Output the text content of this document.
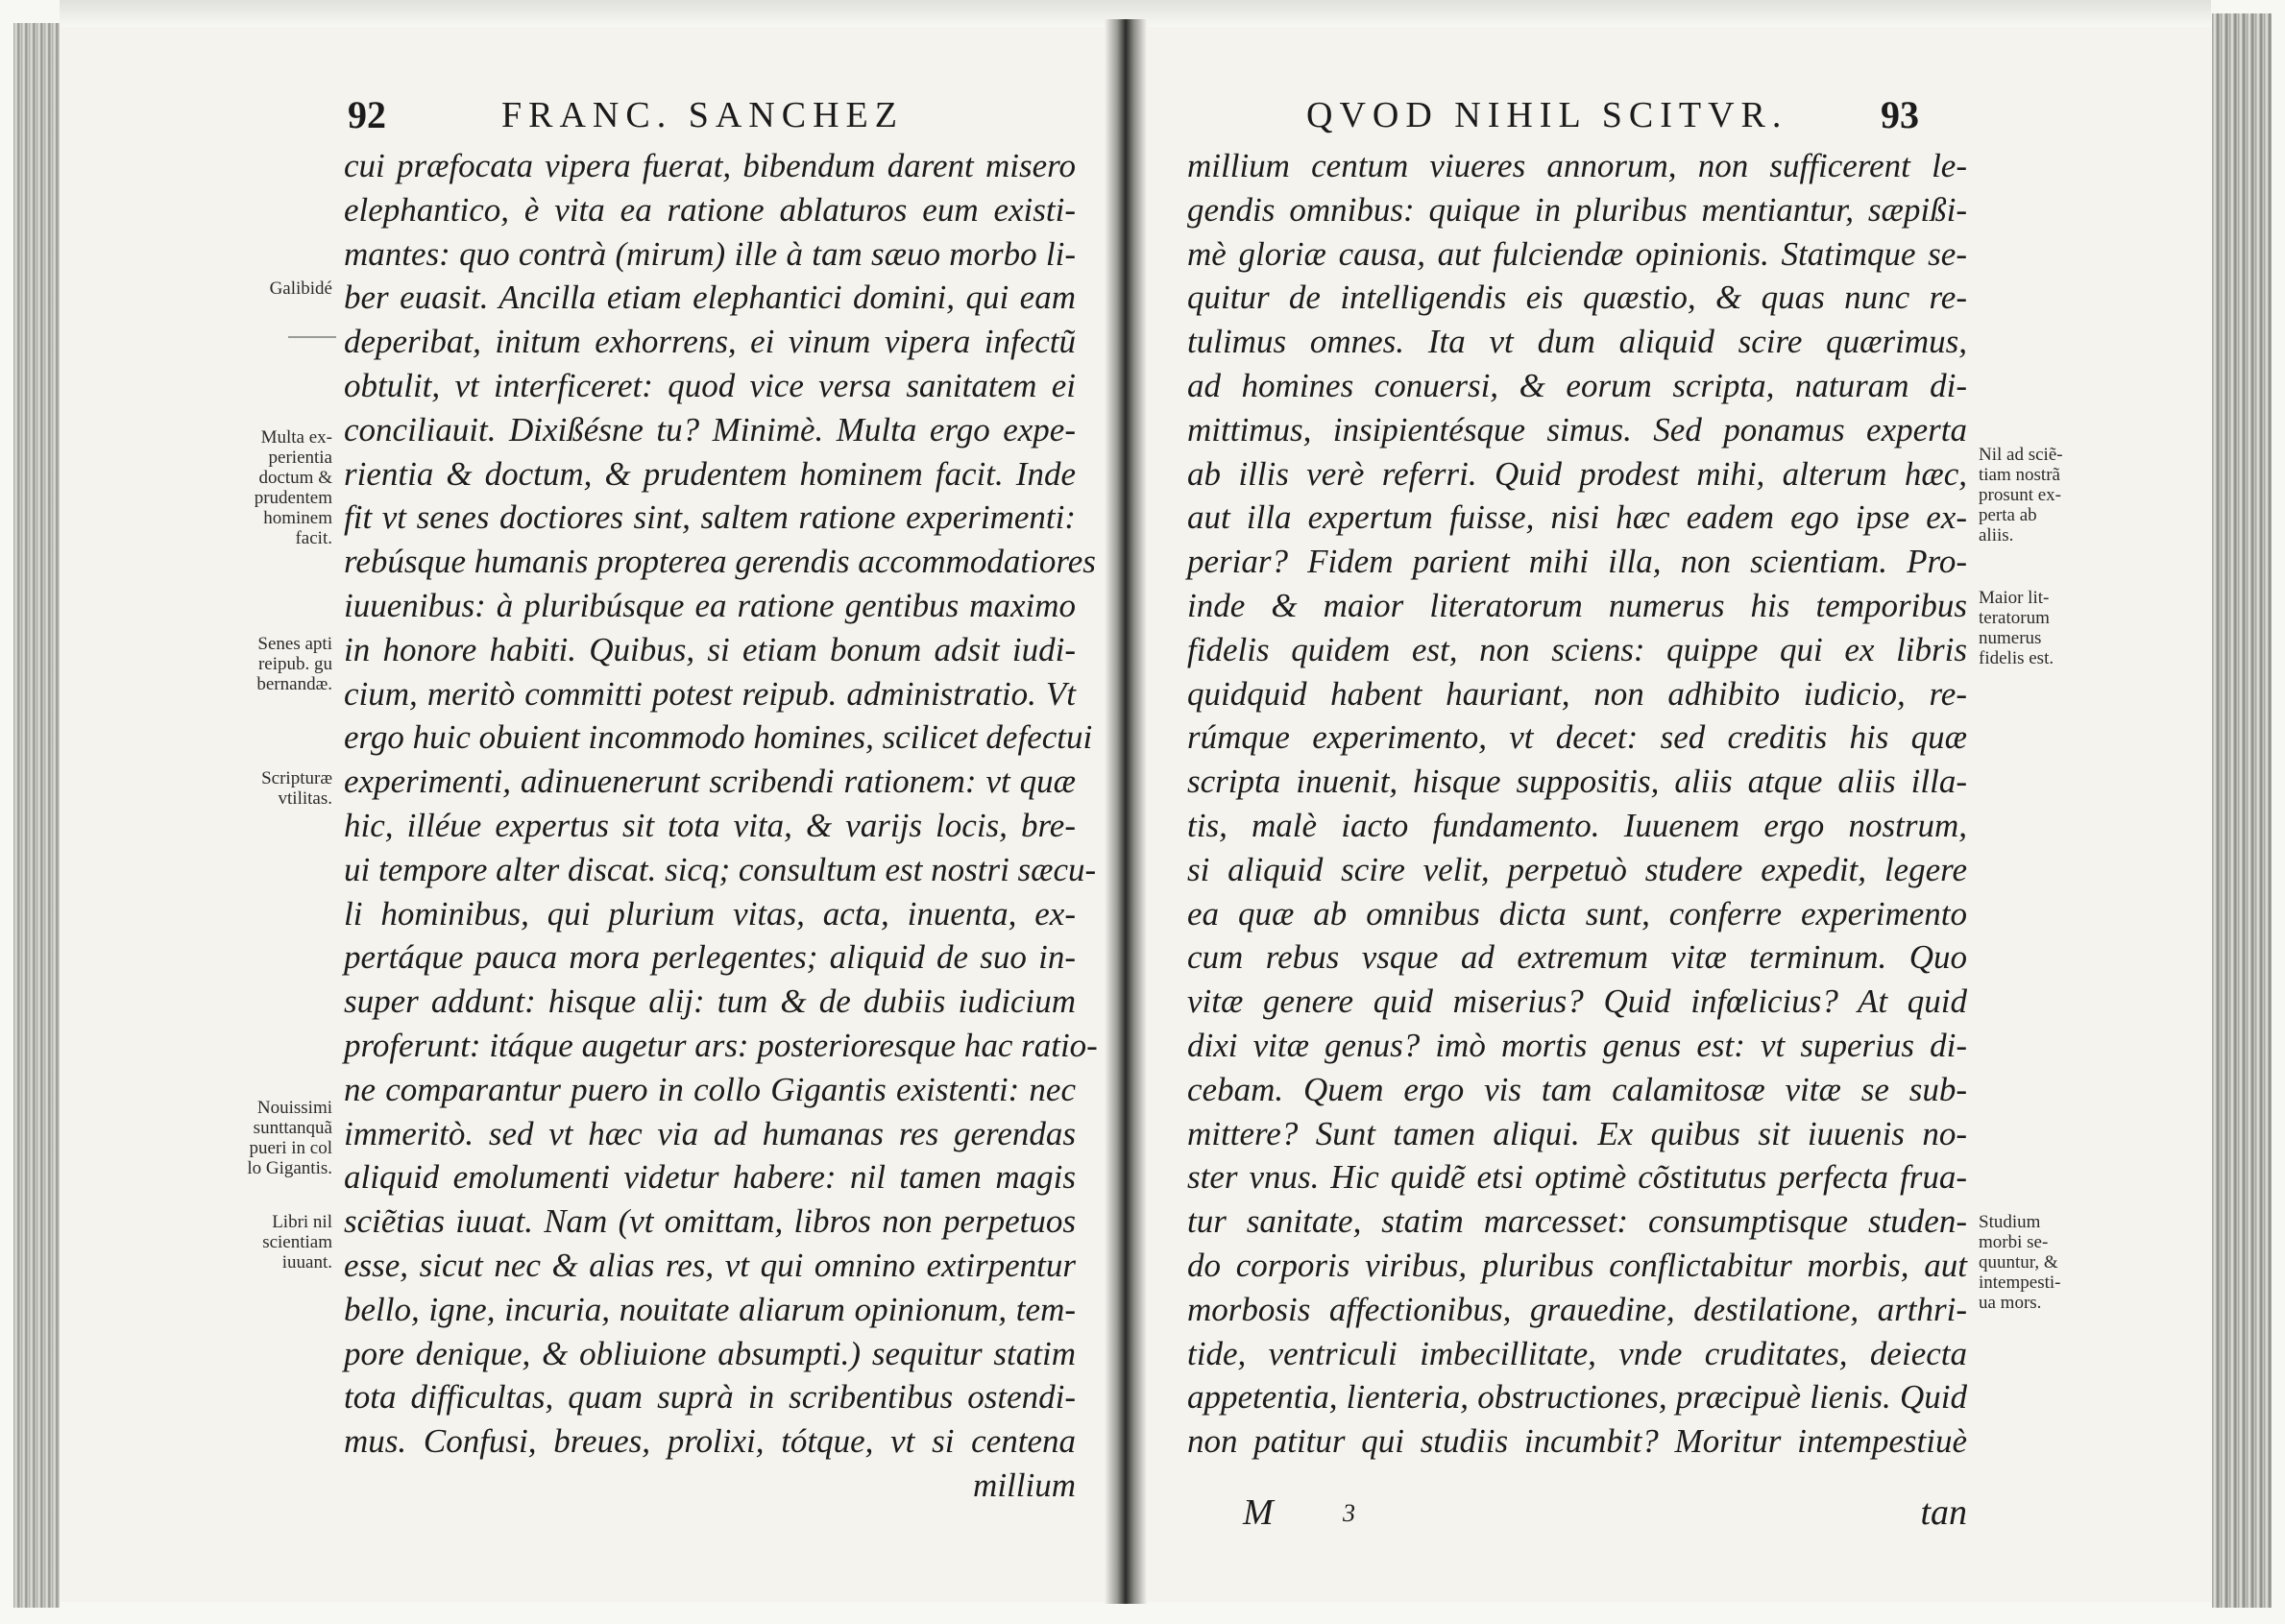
92	FRANC. SANCHEZ
cui præfocata vipera fuerat, bibendum darent misero
elephantico, è vita ea ratione ablaturos eum existi-
mantes: quo contrà (mirum) ille à tam sæuo morbo li-
ber euasit. Ancilla etiam elephantici domini, qui eam
deperibat, initum exhorrens, ei vinum vipera infectũ
obtulit, vt interficeret: quod vice versa sanitatem ei
conciliauit. Dixißésne tu? Minimè. Multa ergo expe-
rientia & doctum, & prudentem hominem facit. Inde
fit vt senes doctiores sint, saltem ratione experimenti:
rebúsque humanis propterea gerendis accommodatiores
iuuenibus: à pluribúsque ea ratione gentibus maximo
in honore habiti. Quibus, si etiam bonum adsit iudi-
cium, meritò committi potest reipub. administratio. Vt
ergo huic obuient incommodo homines, scilicet defectui
experimenti, adinuenerunt scribendi rationem: vt quæ
hic, illéue expertus sit tota vita, & varijs locis, bre-
ui tempore alter discat. sicq; consultum est nostri sæcu-
li hominibus, qui plurium vitas, acta, inuenta, ex-
pertáque pauca mora perlegentes; aliquid de suo in-
super addunt: hisque alij: tum & de dubiis iudicium
proferunt: itáque augetur ars: posterioresque hac ratio-
ne comparantur puero in collo Gigantis existenti: nec
immeritò. sed vt hæc via ad humanas res gerendas
aliquid emolumenti videtur habere: nil tamen magis
sciẽtias iuuat. Nam (vt omittam, libros non perpetuos
esse, sicut nec & alias res, vt qui omnino extirpentur
bello, igne, incuria, nouitate aliarum opinionum, tem-
pore denique, & obliuione absumpti.) sequitur statim
tota difficultas, quam suprà in scribentibus ostendi-
mus. Confusi, breues, prolixi, tótque, vt si centena
millium
Galibidé
Multa ex-
perientia
doctum &
prudentem
hominem
facit.
Senes apti
reipub. gu
bernandæ.
Scripturæ
vtilitas.
Nouissimi
sunttanquã
pueri in col
lo Gigantis.
Libri nil
scientiam
iuuant.
QVOD NIHIL SCITVR. 93
millium centum viueres annorum, non sufficerent le-
gendis omnibus: quique in pluribus mentiantur, sæpißi-
mè gloriæ causa, aut fulciendæ opinionis. Statimque se-
quitur de intelligendis eis quæstio, & quas nunc re-
tulimus omnes. Ita vt dum aliquid scire quærimus,
ad homines conuersi, & eorum scripta, naturam di-
mittimus, insipientésque simus. Sed ponamus experta
ab illis verè referri. Quid prodest mihi, alterum hæc,
aut illa expertum fuisse, nisi hæc eadem ego ipse ex-
periar? Fidem parient mihi illa, non scientiam. Pro-
inde & maior literatorum numerus his temporibus
fidelis quidem est, non sciens: quippe qui ex libris
quidquid habent hauriant, non adhibito iudicio, re-
rúmque experimento, vt decet: sed creditis his quæ
scripta inuenit, hisque suppositis, aliis atque aliis illa-
tis, malè iacto fundamento. Iuuenem ergo nostrum,
si aliquid scire velit, perpetuò studere expedit, legere
ea quæ ab omnibus dicta sunt, conferre experimento
cum rebus vsque ad extremum vitæ terminum. Quo
vitæ genere quid miserius? Quid infœlicius? At quid
dixi vitæ genus? imò mortis genus est: vt superius di-
cebam. Quem ergo vis tam calamitosæ vitæ se sub-
mittere? Sunt tamen aliqui. Ex quibus sit iuuenis no-
ster vnus. Hic quidẽ etsi optimè cõstitutus perfecta frua-
tur sanitate, statim marcesset: consumptisque studen-
do corporis viribus, pluribus conflictabitur morbis, aut
morbosis affectionibus, grauedine, destilatione, arthri-
tide, ventriculi imbecillitate, vnde cruditates, deiecta
appetentia, lienteria, obstructiones, præcipuè lienis. Quid
non patitur qui studiis incumbit? Moritur intempestiuè
M	3	tan
Nil ad sciẽ-
tiam nostrã
prosunt ex-
perta ab
aliis.
Maior lit-
teratorum
numerus
fidelis est.
Studium
morbi se-
quuntur, &
intempesti-
ua mors.
